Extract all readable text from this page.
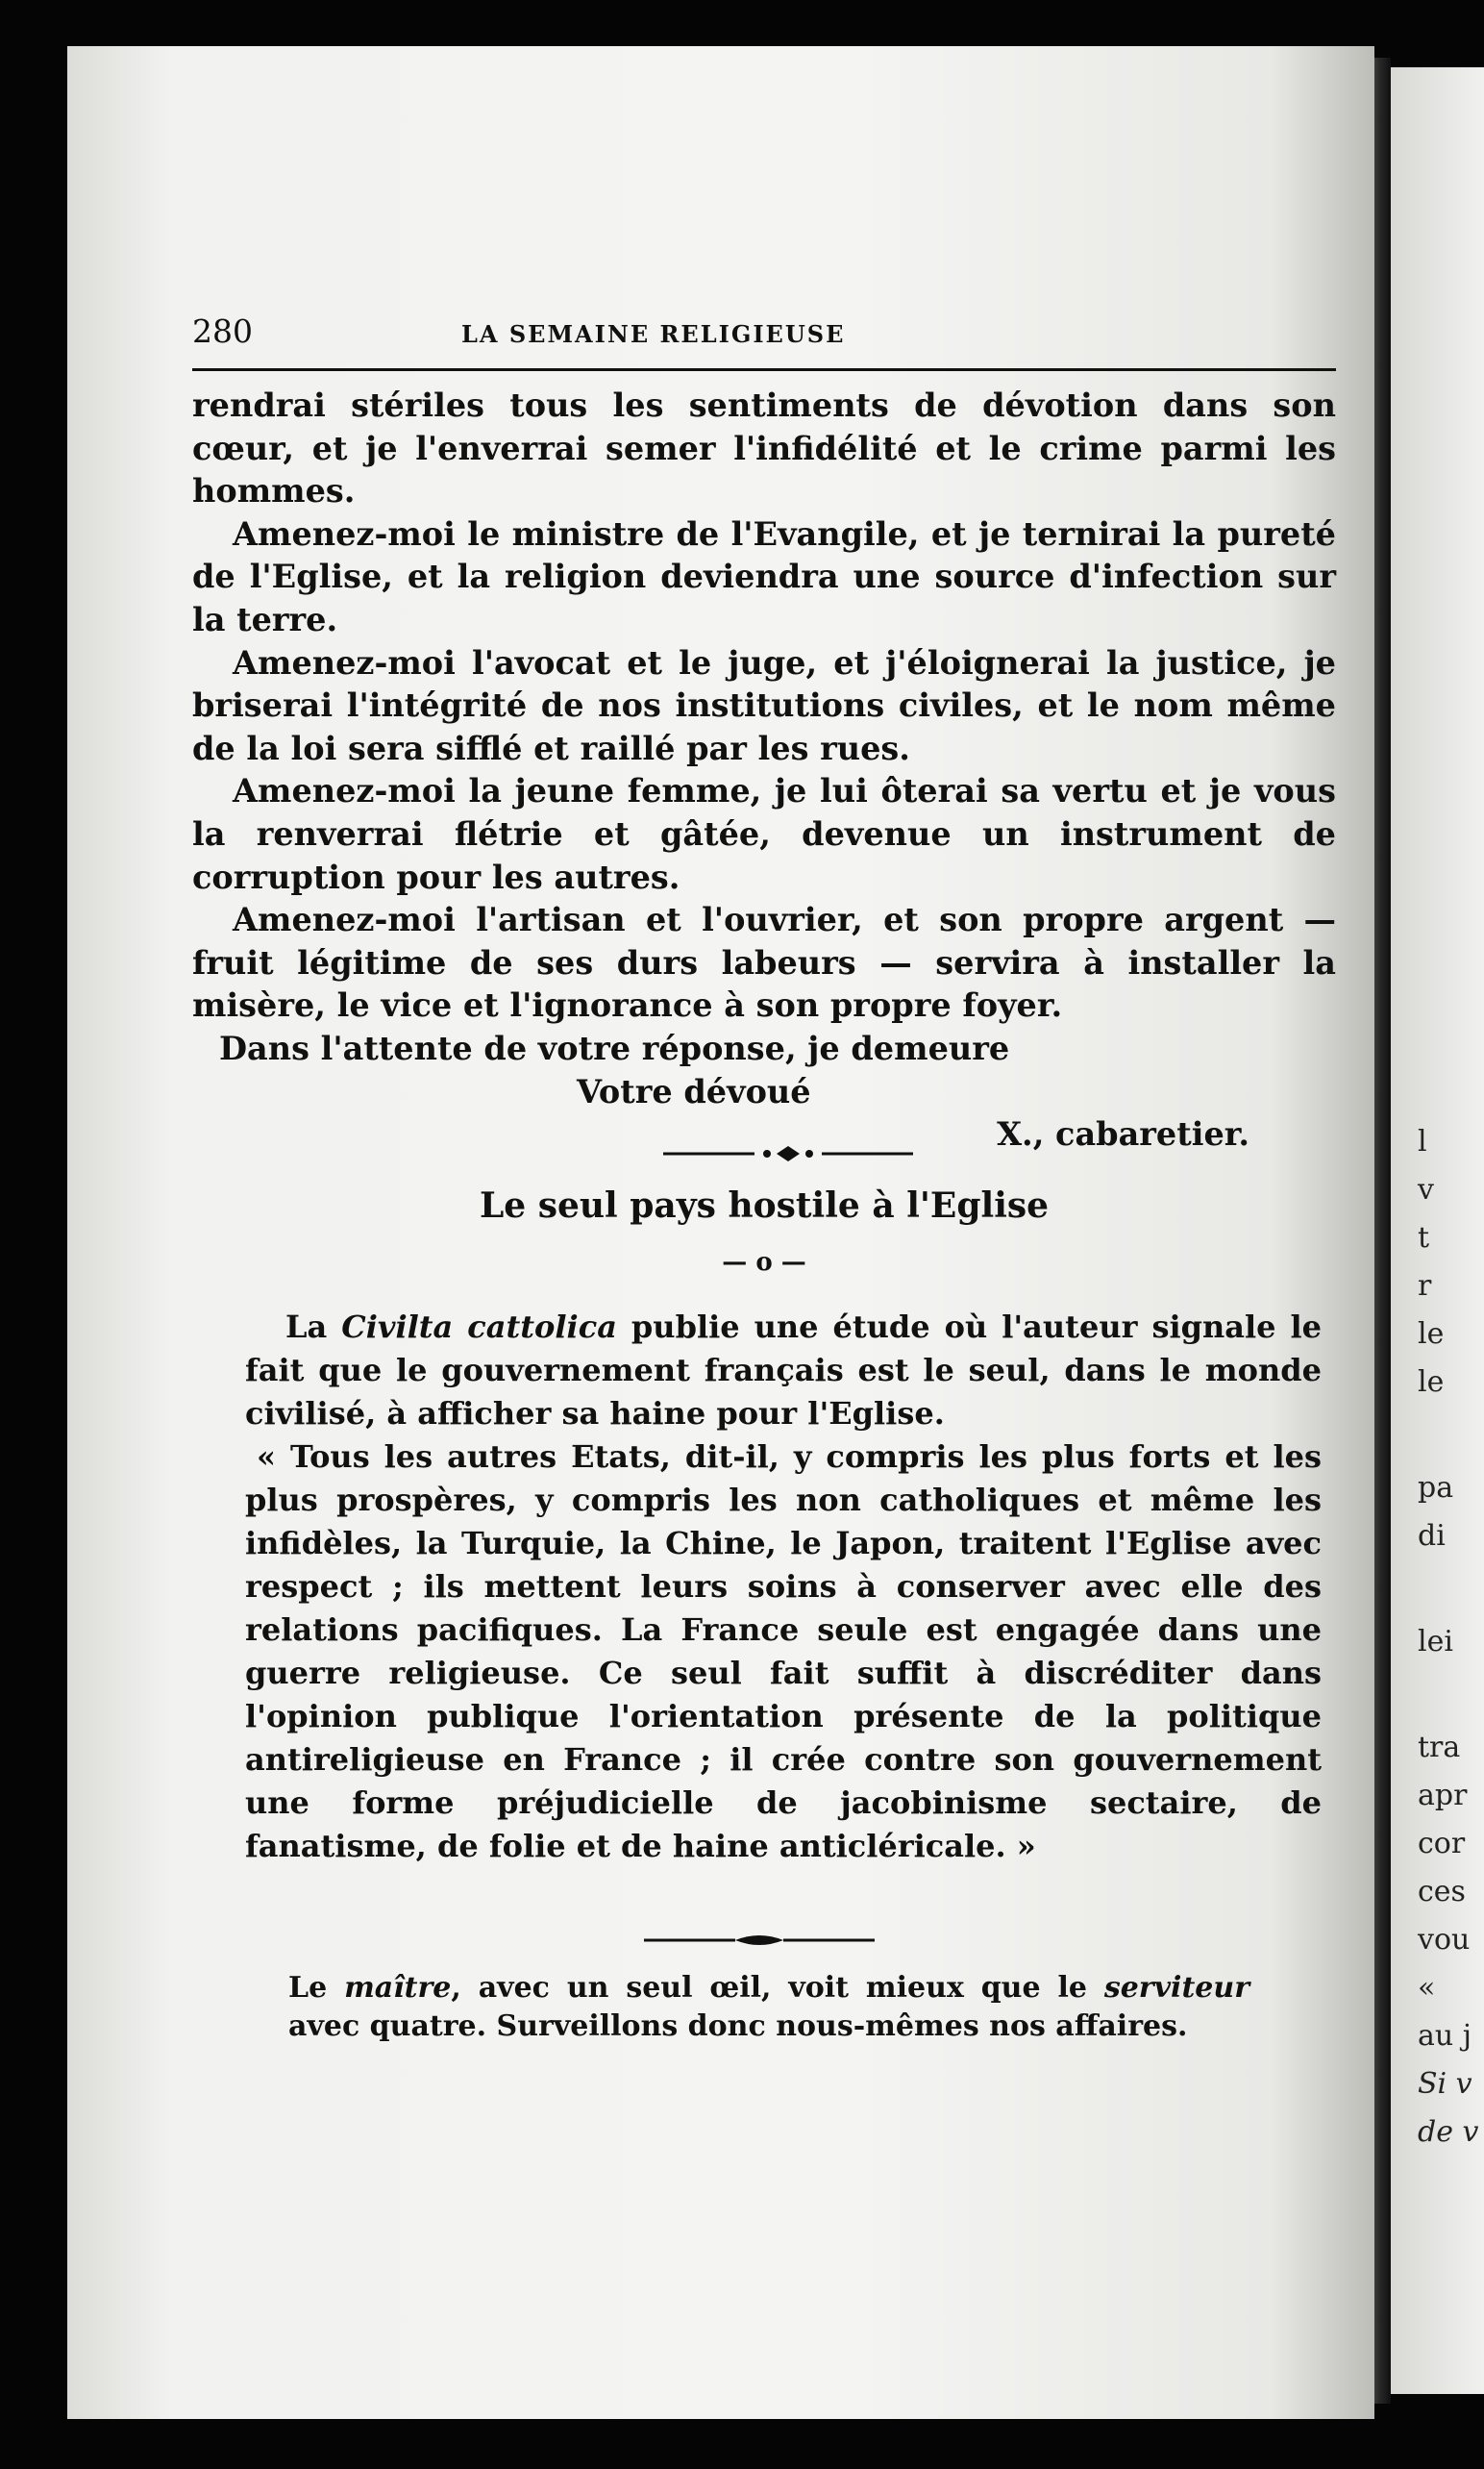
l
v
t
r
le
le
pa
di
lei
tra
apr
cor
ces
vou
«
au j
Si v
de v
280	LA SEMAINE RELIGIEUSE

rendrai stériles tous les sentiments de dévotion dans son cœur, et je l'enverrai semer l'infidélité et le crime parmi les hommes.

Amenez-moi le ministre de l'Evangile, et je ternirai la pureté de l'Eglise, et la religion deviendra une source d'infection sur la terre.

Amenez-moi l'avocat et le juge, et j'éloignerai la justice, je briserai l'intégrité de nos institutions civiles, et le nom même de la loi sera sifflé et raillé par les rues.

Amenez-moi la jeune femme, je lui ôterai sa vertu et je vous la renverrai flétrie et gâtée, devenue un instrument de corruption pour les autres.

Amenez-moi l'artisan et l'ouvrier, et son propre argent — fruit légitime de ses durs labeurs — servira à installer la misère, le vice et l'ignorance à son propre foyer.

Dans l'attente de votre réponse, je demeure

Votre dévoué

X., cabaretier.

Le seul pays hostile à l'Eglise
— o —

La Civilta cattolica publie une étude où l'auteur signale le fait que le gouvernement français est le seul, dans le monde civilisé, à afficher sa haine pour l'Eglise.

« Tous les autres Etats, dit-il, y compris les plus forts et les plus prospères, y compris les non catholiques et même les infidèles, la Turquie, la Chine, le Japon, traitent l'Eglise avec respect ; ils mettent leurs soins à conserver avec elle des relations pacifiques. La France seule est engagée dans une guerre religieuse. Ce seul fait suffit à discréditer dans l'opinion publique l'orientation présente de la politique antireligieuse en France ; il crée contre son gouvernement une forme préjudicielle de jacobinisme sectaire, de fanatisme, de folie et de haine anticléricale. »

Le maître, avec un seul œil, voit mieux que le serviteur avec quatre. Surveillons donc nous-mêmes nos affaires.
